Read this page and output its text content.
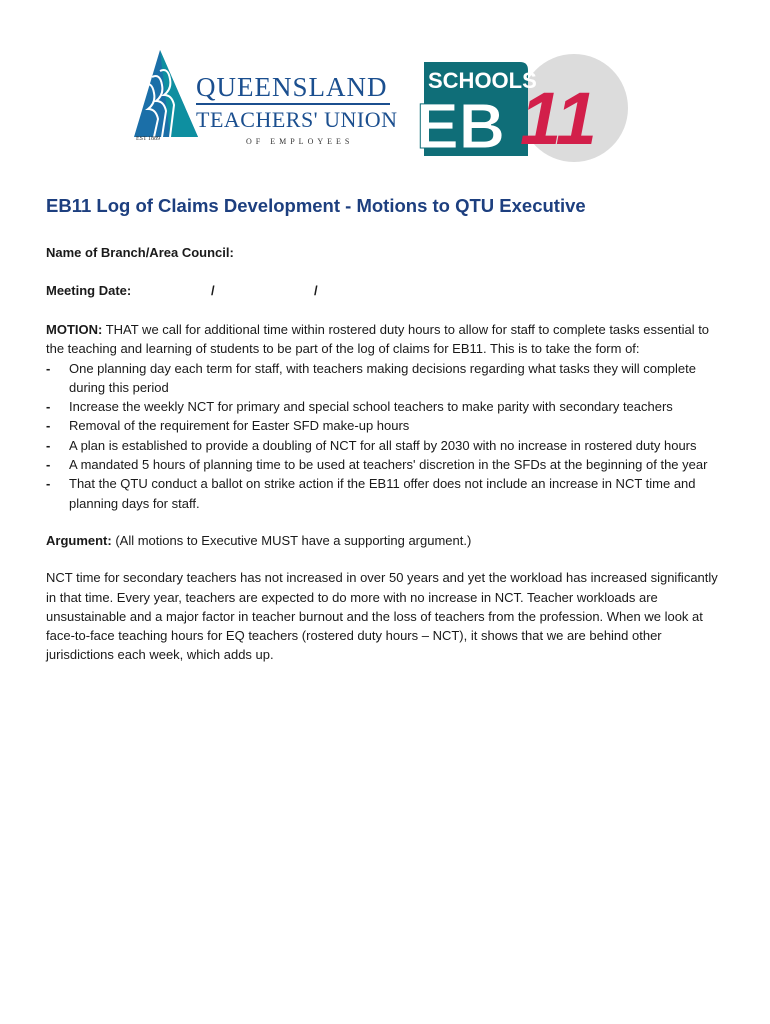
EST 1889
QUEENSLAND
TEACHERS' UNION
OF EMPLOYEES
SCHOOLS
EB 11
EB11 Log of Claims Development - Motions to QTU Executive
Name of Branch/Area Council:
Meeting Date:	/	/

MOTION: THAT we call for additional time within rostered duty hours to allow for staff to complete tasks essential to the teaching and learning of students to be part of the log of claims for EB11. This is to take the form of:

- One planning day each term for staff, with teachers making decisions regarding what tasks they will complete during this period
- Increase the weekly NCT for primary and special school teachers to make parity with secondary teachers
- Removal of the requirement for Easter SFD make-up hours
- A plan is established to provide a doubling of NCT for all staff by 2030 with no increase in rostered duty hours
- A mandated 5 hours of planning time to be used at teachers' discretion in the SFDs at the beginning of the year
- That the QTU conduct a ballot on strike action if the EB11 offer does not include an increase in NCT time and planning days for staff.

Argument: (All motions to Executive MUST have a supporting argument.)

NCT time for secondary teachers has not increased in over 50 years and yet the workload has increased significantly in that time. Every year, teachers are expected to do more with no increase in NCT. Teacher workloads are unsustainable and a major factor in teacher burnout and the loss of teachers from the profession. When we look at face-to-face teaching hours for EQ teachers (rostered duty hours – NCT), it shows that we are behind other jurisdictions each week, which adds up.
